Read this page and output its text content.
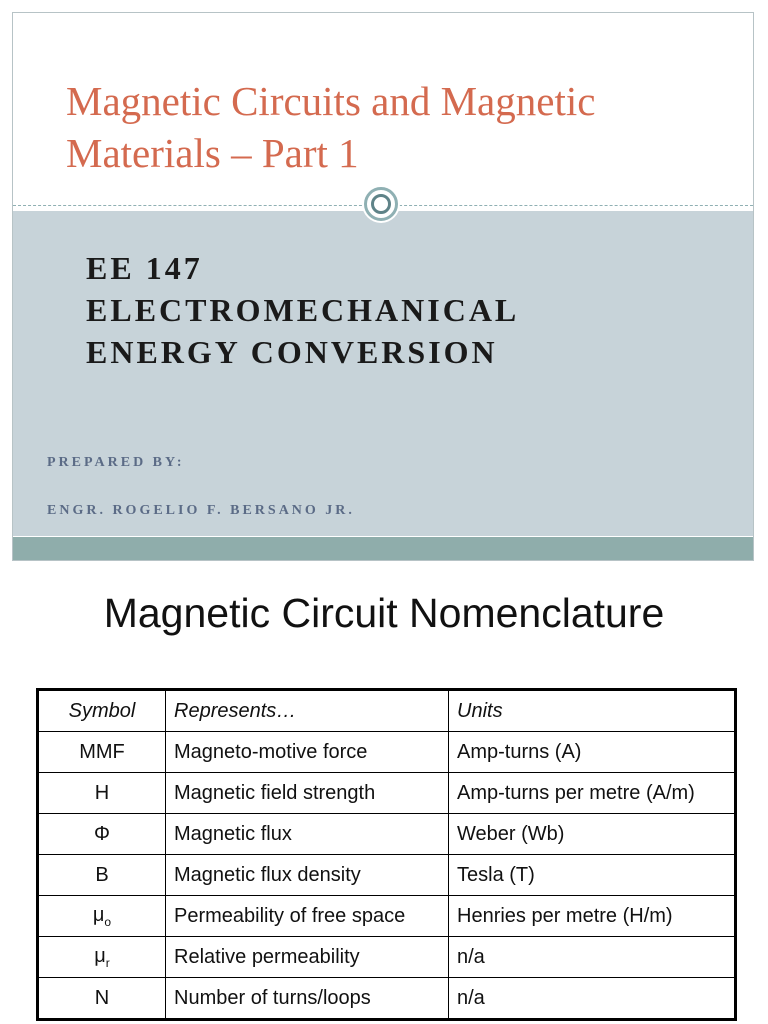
Magnetic Circuits and Magnetic
Materials – Part 1
EE 147
ELECTROMECHANICAL
ENERGY CONVERSION
PREPARED BY:
ENGR. ROGELIO F. BERSANO JR.
Magnetic Circuit Nomenclature
Symbol	Represents…	Units
MMF	Magneto-motive force	Amp-turns (A)
H	Magnetic field strength	Amp-turns per metre (A/m)
Φ	Magnetic flux	Weber (Wb)
B	Magnetic flux density	Tesla (T)
$\mu_o$	Permeability of free space	Henries per metre (H/m)
$\mu_r$	Relative permeability	n/a
N	Number of turns/loops	n/a
